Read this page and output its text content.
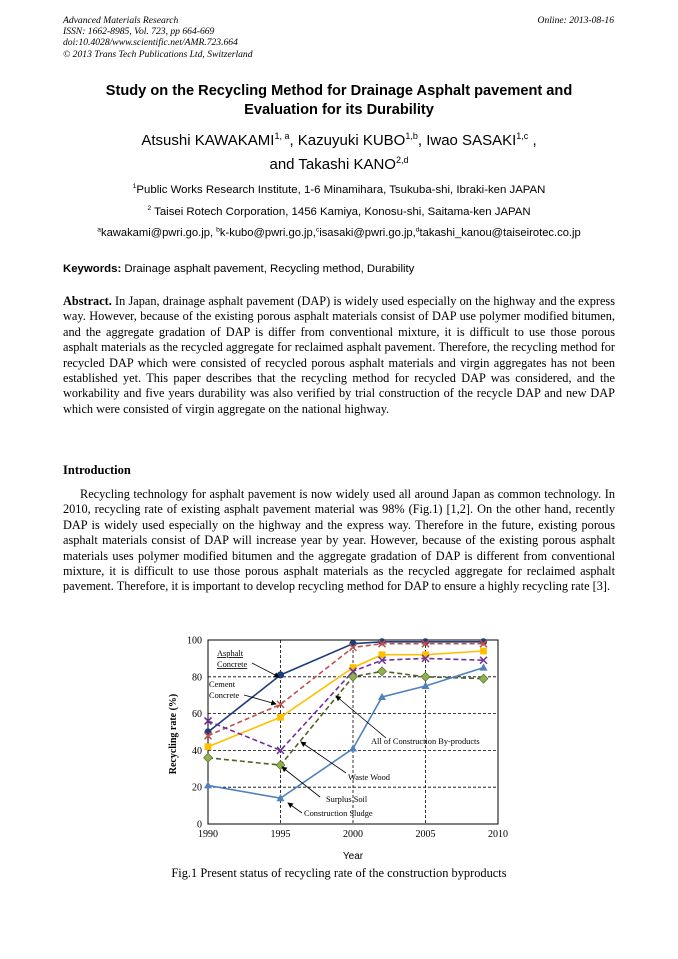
Advanced Materials Research
ISSN: 1662-8985, Vol. 723, pp 664-669
doi:10.4028/www.scientific.net/AMR.723.664
© 2013 Trans Tech Publications Ltd, Switzerland
Online: 2013-08-16
Study on the Recycling Method for Drainage Asphalt pavement and
Evaluation for its Durability
Atsushi KAWAKAMI$^{1, a}$, Kazuyuki KUBO$^{1,b}$, Iwao SASAKI$^{1,c}$ ,
and Takashi KANO$^{2,d}$
$^1$Public Works Research Institute, 1-6 Minamihara, Tsukuba-shi, Ibraki-ken JAPAN
$^2$ Taisei Rotech Corporation, 1456 Kamiya, Konosu-shi, Saitama-ken JAPAN
$^a$kawakami@pwri.go.jp, $^b$k-kubo@pwri.go.jp,$^c$isasaki@pwri.go.jp,$^d$takashi_kanou@taiseirotec.co.jp
Keywords: Drainage asphalt pavement, Recycling method, Durability
Abstract. In Japan, drainage asphalt pavement (DAP) is widely used especially on the highway and the express way. However, because of the existing porous asphalt materials consist of DAP use polymer modified bitumen, and the aggregate gradation of DAP is differ from conventional mixture, it is difficult to use those porous asphalt materials as the recycled aggregate for reclaimed asphalt pavement. Therefore, the recycling method for recycled DAP which were consisted of recycled porous asphalt materials and virgin aggregates has not been established yet. This paper describes that the recycling method for recycled DAP was considered, and the workability and five years durability was also verified by trial construction of the recycle DAP and new DAP which were consisted of virgin aggregate on the national highway.
Introduction
Recycling technology for asphalt pavement is now widely used all around Japan as common technology. In 2010, recycling rate of existing asphalt pavement material was 98% (Fig.1) [1,2]. On the other hand, recently DAP is widely used especially on the highway and the express way. Therefore in the future, existing porous asphalt materials consist of DAP will increase year by year. However, because of the existing porous asphalt materials uses polymer modified bitumen and the aggregate gradation of DAP is different from conventional mixture, it is difficult to use those porous asphalt materials as the recycled aggregate for reclaimed asphalt pavement. Therefore, it is important to develop recycling method for DAP to ensure a highly recycling rate [3].
0
20
40
60
80
100
1990	1995	2000	2005	2010
Asphalt
Concrete
Cement
Concrete
All of Construction By-products
Waste Wood
Surplus Soil
Construction Sludge
Recycling rate (%)
Year
Fig.1 Present status of recycling rate of the construction byproducts
